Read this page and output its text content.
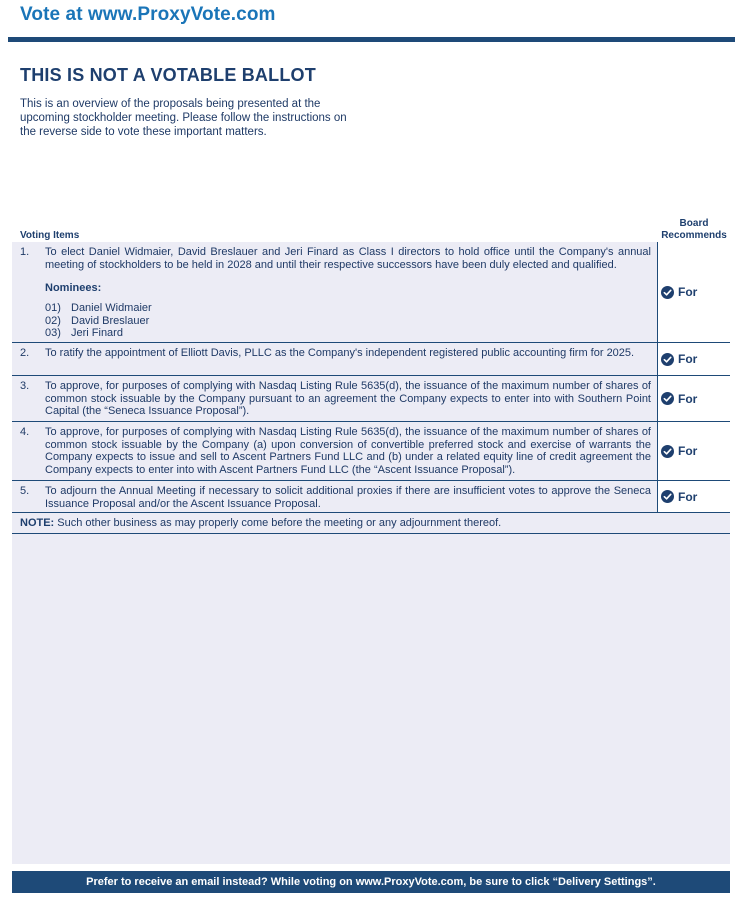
Vote at www.ProxyVote.com
THIS IS NOT A VOTABLE BALLOT
This is an overview of the proposals being presented at the upcoming stockholder meeting. Please follow the instructions on the reverse side to vote these important matters.
Voting Items
Board Recommends
1. To elect Daniel Widmaier, David Breslauer and Jeri Finard as Class I directors to hold office until the Company's annual meeting of stockholders to be held in 2028 and until their respective successors have been duly elected and qualified.
Nominees:
01) Daniel Widmaier
02) David Breslauer
03) Jeri Finard
For
2. To ratify the appointment of Elliott Davis, PLLC as the Company's independent registered public accounting firm for 2025.	For
3. To approve, for purposes of complying with Nasdaq Listing Rule 5635(d), the issuance of the maximum number of shares of common stock issuable by the Company pursuant to an agreement the Company expects to enter into with Southern Point Capital (the “Seneca Issuance Proposal”).
For
4. To approve, for purposes of complying with Nasdaq Listing Rule 5635(d), the issuance of the maximum number of shares of common stock issuable by the Company (a) upon conversion of convertible preferred stock and exercise of warrants the Company expects to issue and sell to Ascent Partners Fund LLC and (b) under a related equity line of credit agreement the Company expects to enter into with Ascent Partners Fund LLC (the “Ascent Issuance Proposal”).
For
5. To adjourn the Annual Meeting if necessary to solicit additional proxies if there are insufficient votes to approve the Seneca Issuance Proposal and/or the Ascent Issuance Proposal.	For
NOTE: Such other business as may properly come before the meeting or any adjournment thereof.
Prefer to receive an email instead? While voting on www.ProxyVote.com, be sure to click “Delivery Settings”.
